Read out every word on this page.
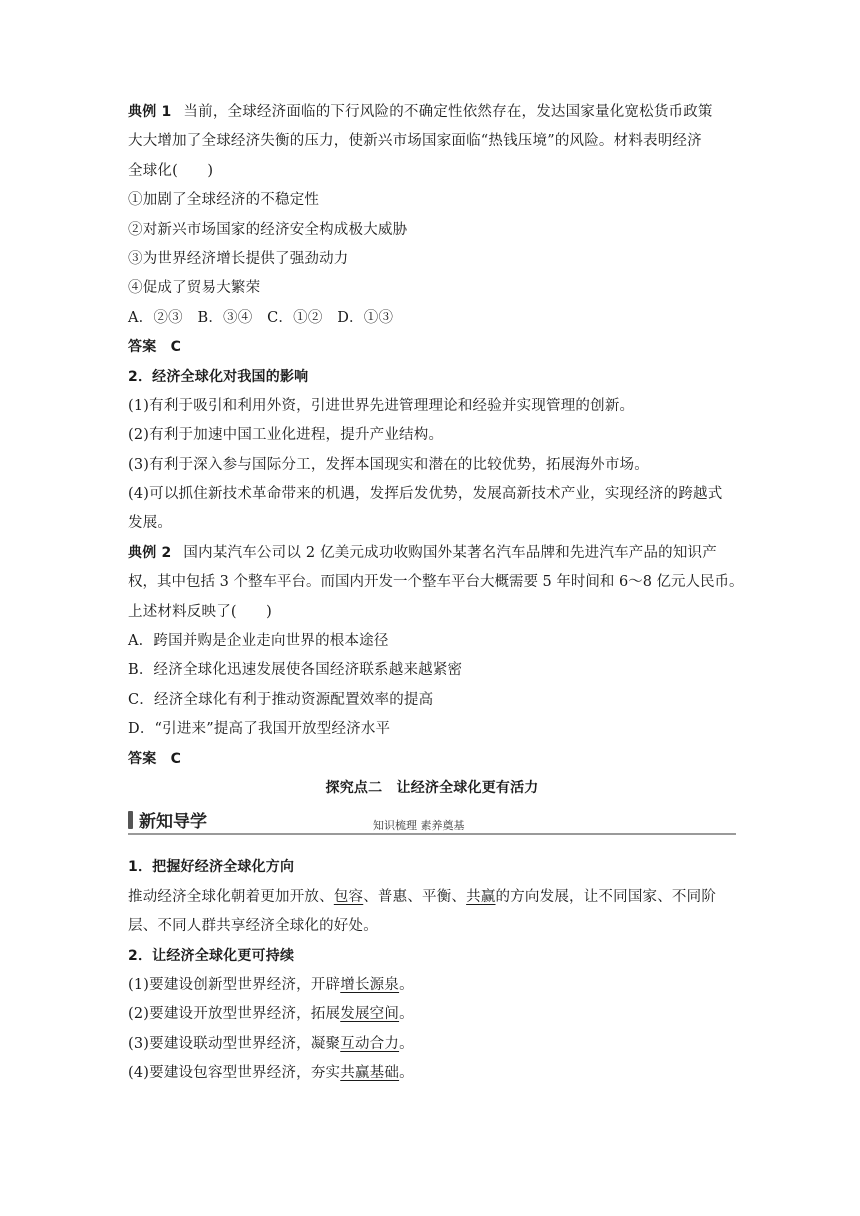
典例 1 当前，全球经济面临的下行风险的不确定性依然存在，发达国家量化宽松货币政策
大大增加了全球经济失衡的压力，使新兴市场国家面临“热钱压境”的风险。材料表明经济
全球化(　　)
①加剧了全球经济的不稳定性
②对新兴市场国家的经济安全构成极大威胁
③为世界经济增长提供了强劲动力
④促成了贸易大繁荣
A．②③　B．③④　C．①②　D．①③
答案　C
2．经济全球化对我国的影响
(1)有利于吸引和利用外资，引进世界先进管理理论和经验并实现管理的创新。
(2)有利于加速中国工业化进程，提升产业结构。
(3)有利于深入参与国际分工，发挥本国现实和潜在的比较优势，拓展海外市场。
(4)可以抓住新技术革命带来的机遇，发挥后发优势，发展高新技术产业，实现经济的跨越式
发展。
典例 2 国内某汽车公司以 2 亿美元成功收购国外某著名汽车品牌和先进汽车产品的知识产
权，其中包括 3 个整车平台。而国内开发一个整车平台大概需要 5 年时间和 6～8 亿元人民币。
上述材料反映了(　　)
A．跨国并购是企业走向世界的根本途径
B．经济全球化迅速发展使各国经济联系越来越紧密
C．经济全球化有利于推动资源配置效率的提高
D．“引进来”提高了我国开放型经济水平
答案　C
探究点二　让经济全球化更有活力
新知导学	知识梳理 素养奠基
1．把握好经济全球化方向
推动经济全球化朝着更加开放、包容、普惠、平衡、共赢的方向发展，让不同国家、不同阶
层、不同人群共享经济全球化的好处。
2．让经济全球化更可持续
(1)要建设创新型世界经济，开辟增长源泉。
(2)要建设开放型世界经济，拓展发展空间。
(3)要建设联动型世界经济，凝聚互动合力。
(4)要建设包容型世界经济，夯实共赢基础。
